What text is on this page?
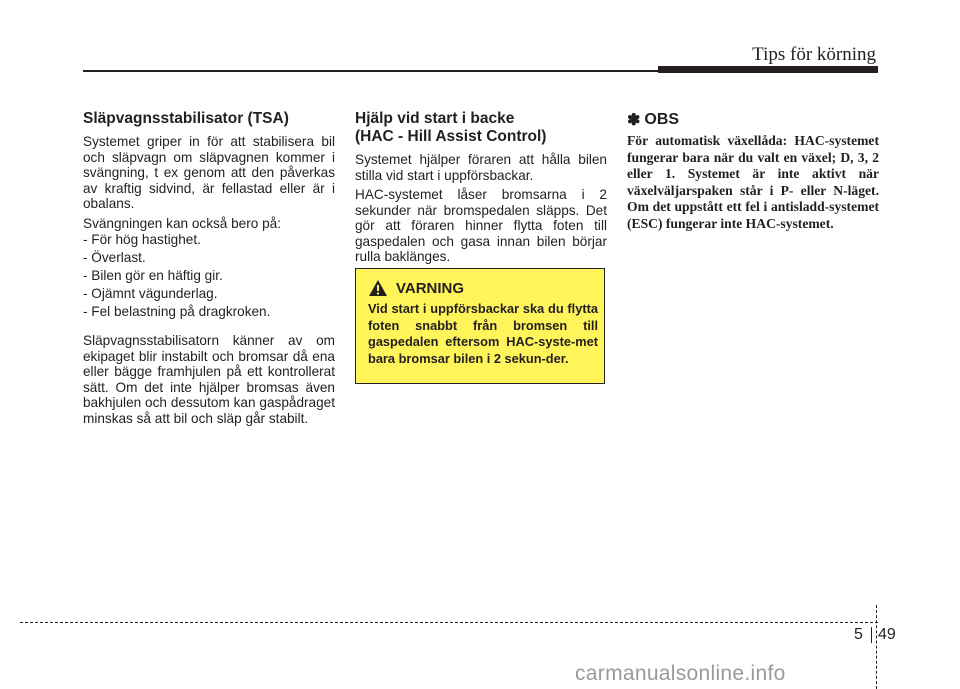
Tips för körning
Släpvagnsstabilisator (TSA)

Systemet griper in för att stabilisera bil och släpvagn om släpvagnen kommer i svängning, t ex genom att den påverkas av kraftig sidvind, är fellastad eller är i obalans.

Svängningen kan också bero på:

- För hög hastighet.
- Överlast.
- Bilen gör en häftig gir.
- Ojämnt vägunderlag.
- Fel belastning på dragkroken.

Släpvagnsstabilisatorn känner av om ekipaget blir instabilt och bromsar då ena eller bägge framhjulen på ett kontrollerat sätt. Om det inte hjälper bromsas även bakhjulen och dessutom kan gaspådraget minskas så att bil och släp går stabilt.

Hjälp vid start i backe
(HAC - Hill Assist Control)

Systemet hjälper föraren att hålla bilen stilla vid start i uppförsbackar.

HAC-systemet låser bromsarna i 2 sekunder när bromspedalen släpps. Det gör att föraren hinner flytta foten till gaspedalen och gasa innan bilen börjar rulla baklänges.

VARNING
Vid start i uppförsbackar ska du flytta foten snabbt från bromsen till gaspedalen eftersom HAC-syste-met bara bromsar bilen i 2 sekun-der.
✽ OBS

För automatisk växellåda: HAC-systemet fungerar bara när du valt en växel; D, 3, 2 eller 1. Systemet är inte aktivt när växelväljarspaken står i P- eller N-läget. Om det uppstått ett fel i antisladd-systemet (ESC) fungerar inte HAC-systemet.

5 49
carmanualsonline.info
